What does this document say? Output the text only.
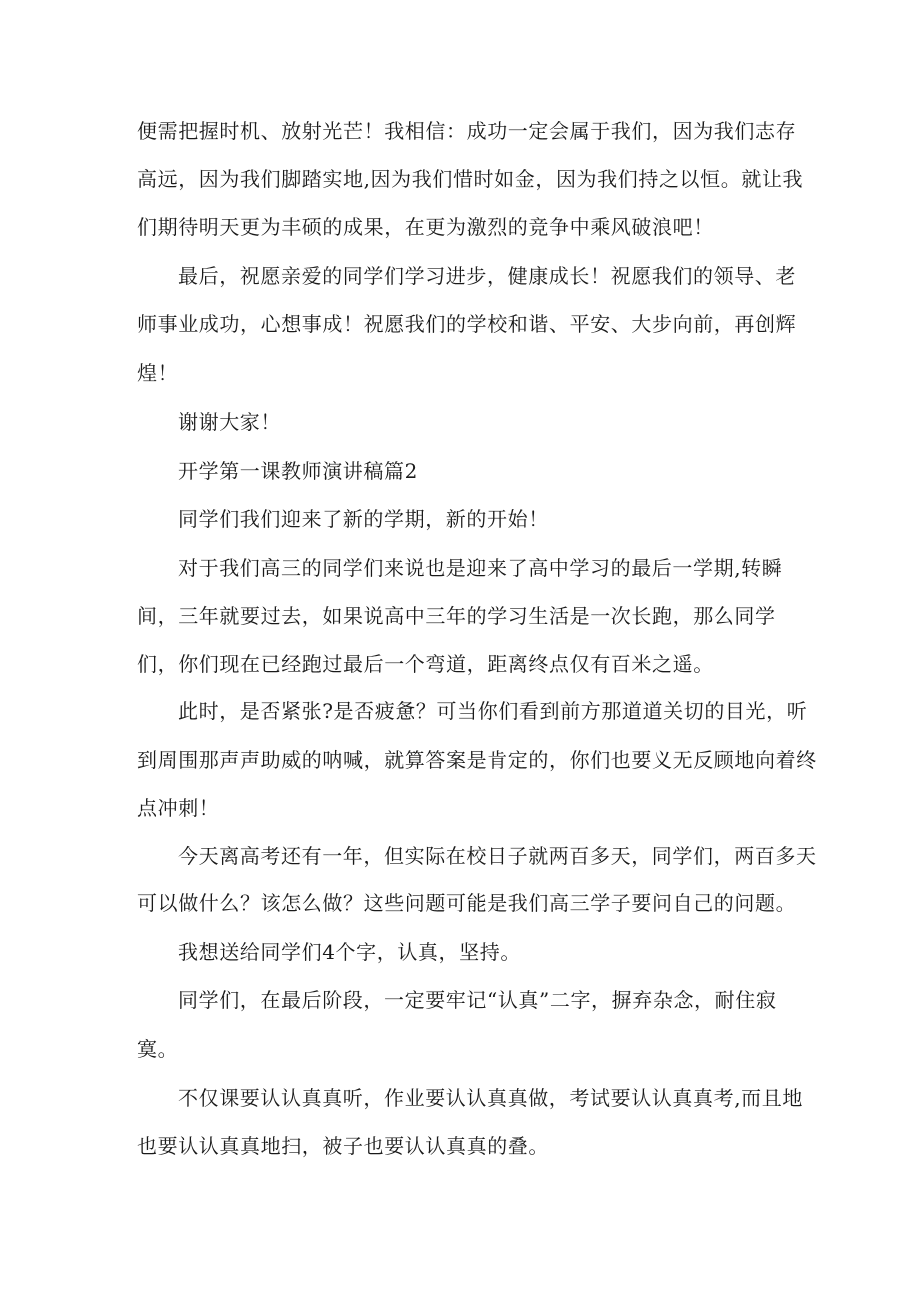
便需把握时机、放射光芒！我相信：成功一定会属于我们，因为我们志存

高远，因为我们脚踏实地,因为我们惜时如金，因为我们持之以恒。就让我

们期待明天更为丰硕的成果，在更为激烈的竞争中乘风破浪吧！

最后，祝愿亲爱的同学们学习进步，健康成长！祝愿我们的领导、老

师事业成功，心想事成！祝愿我们的学校和谐、平安、大步向前，再创辉

煌！

谢谢大家！

开学第一课教师演讲稿篇2

同学们我们迎来了新的学期，新的开始！

对于我们高三的同学们来说也是迎来了高中学习的最后一学期,转瞬

间，三年就要过去，如果说高中三年的学习生活是一次长跑，那么同学

们，你们现在已经跑过最后一个弯道，距离终点仅有百米之遥。

此时，是否紧张?是否疲惫？可当你们看到前方那道道关切的目光，听

到周围那声声助威的呐喊，就算答案是肯定的，你们也要义无反顾地向着终

点冲刺！

今天离高考还有一年，但实际在校日子就两百多天，同学们，两百多天

可以做什么？该怎么做？这些问题可能是我们高三学子要问自己的问题。

我想送给同学们4个字，认真，坚持。

同学们，在最后阶段，一定要牢记“认真”二字，摒弃杂念，耐住寂

寞。

不仅课要认认真真听，作业要认认真真做，考试要认认真真考,而且地

也要认认真真地扫，被子也要认认真真的叠。
